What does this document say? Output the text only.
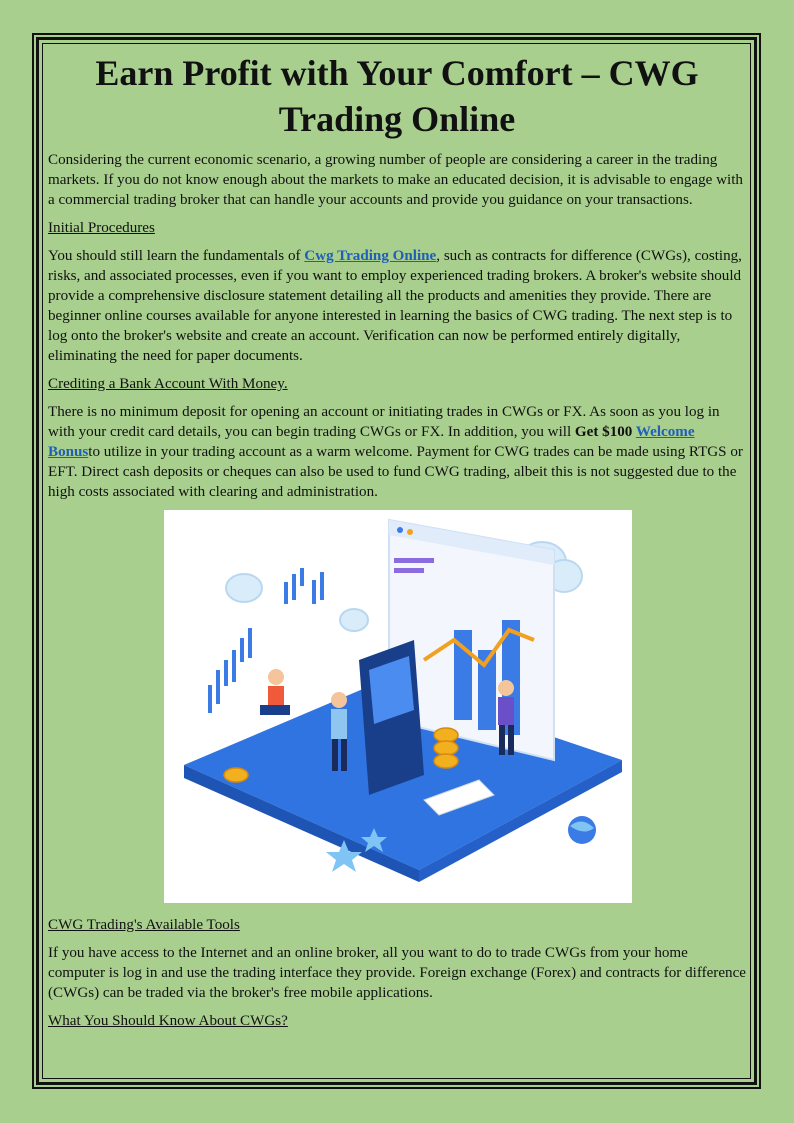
Earn Profit with Your Comfort – CWG Trading Online

Considering the current economic scenario, a growing number of people are considering a career in the trading markets. If you do not know enough about the markets to make an educated decision, it is advisable to engage with a commercial trading broker that can handle your accounts and provide you guidance on your transactions.

Initial Procedures

You should still learn the fundamentals of Cwg Trading Online, such as contracts for difference (CWGs), costing, risks, and associated processes, even if you want to employ experienced trading brokers. A broker's website should provide a comprehensive disclosure statement detailing all the products and amenities they provide. There are beginner online courses available for anyone interested in learning the basics of CWG trading. The next step is to log onto the broker's website and create an account. Verification can now be performed entirely digitally, eliminating the need for paper documents.

Crediting a Bank Account With Money.

There is no minimum deposit for opening an account or initiating trades in CWGs or FX. As soon as you log in with your credit card details, you can begin trading CWGs or FX. In addition, you will Get $100 Welcome Bonusto utilize in your trading account as a warm welcome. Payment for CWG trades can be made using RTGS or EFT. Direct cash deposits or cheques can also be used to fund CWG trading, albeit this is not suggested due to the high costs associated with clearing and administration.

CWG Trading's Available Tools

If you have access to the Internet and an online broker, all you want to do to trade CWGs from your home computer is log in and use the trading interface they provide. Foreign exchange (Forex) and contracts for difference (CWGs) can be traded via the broker's free mobile applications.

What You Should Know About CWGs?
